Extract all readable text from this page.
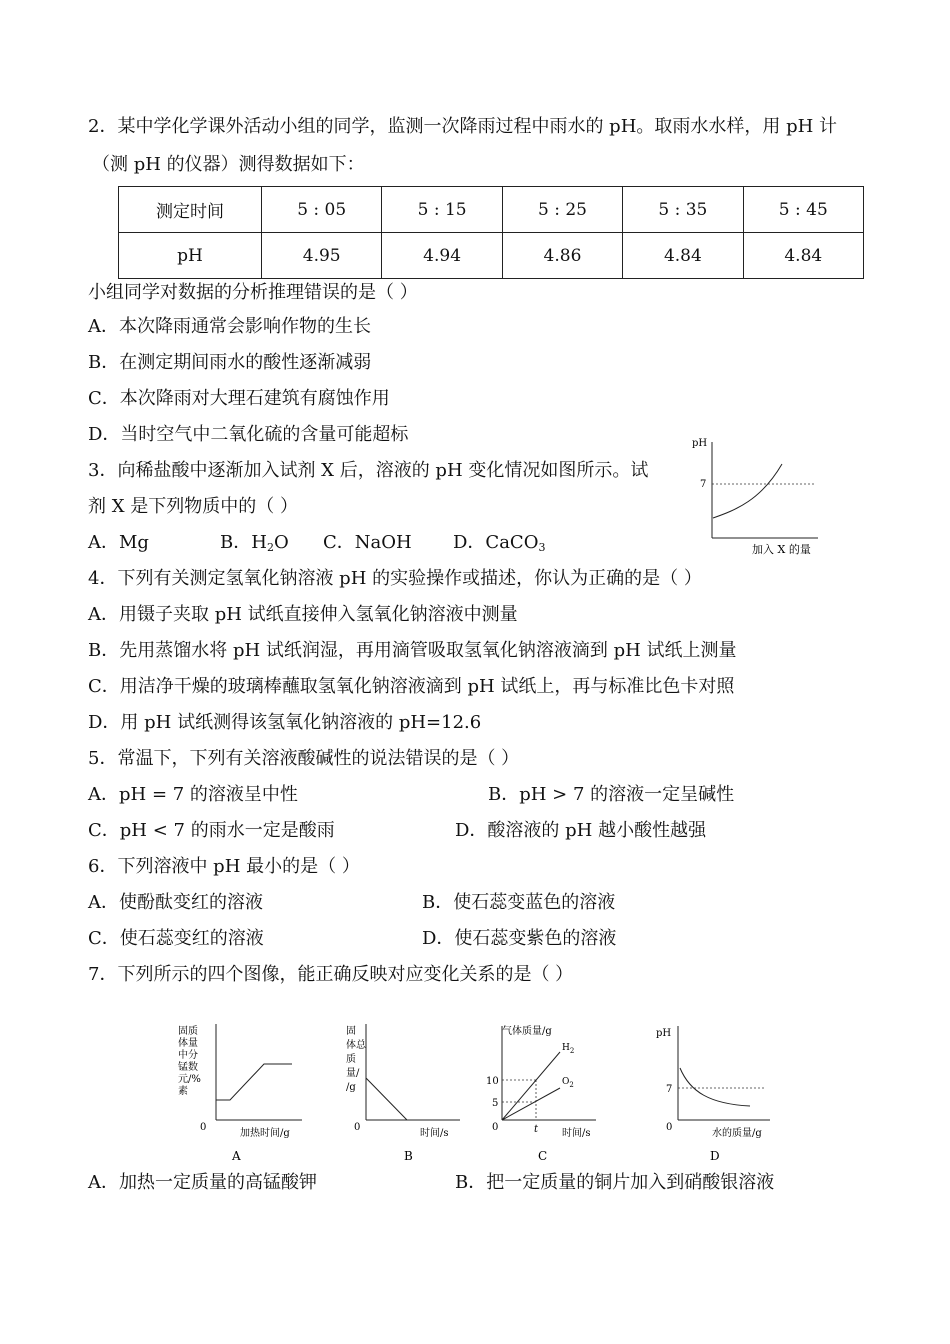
2．某中学化学课外活动小组的同学，监测一次降雨过程中雨水的 pH。取雨水水样，用 pH 计
（测 pH 的仪器）测得数据如下：
测定时间	5 : 05	5 : 15	5 : 25	5 : 35	5 : 45
pH	4.95	4.94	4.86	4.84	4.84
小组同学对数据的分析推理错误的是（ ）
A．本次降雨通常会影响作物的生长
B．在测定期间雨水的酸性逐渐减弱
C．本次降雨对大理石建筑有腐蚀作用
D．当时空气中二氧化硫的含量可能超标
3．向稀盐酸中逐渐加入试剂 X 后，溶液的 pH 变化情况如图所示。试
剂 X 是下列物质中的（ ）
A．Mg	B．$H_2O$ C．NaOH D．CaCO$_3$
pH
7
加入 X 的量
4．下列有关测定氢氧化钠溶液 pH 的实验操作或描述，你认为正确的是（ ）
A．用镊子夹取 pH 试纸直接伸入氢氧化钠溶液中测量
B．先用蒸馏水将 pH 试纸润湿，再用滴管吸取氢氧化钠溶液滴到 pH 试纸上测量
C．用洁净干燥的玻璃棒蘸取氢氧化钠溶液滴到 pH 试纸上，再与标准比色卡对照
D．用 pH 试纸测得该氢氧化钠溶液的 pH=12.6
5．常温下，下列有关溶液酸碱性的说法错误的是（ ）
A．pH = 7 的溶液呈中性	B．pH > 7 的溶液一定呈碱性
C．pH < 7 的雨水一定是酸雨	D．酸溶液的 pH 越小酸性越强
6．下列溶液中 pH 最小的是（ ）
A．使酚酞变红的溶液	B．使石蕊变蓝色的溶液
C．使石蕊变红的溶液	D．使石蕊变紫色的溶液
7．下列所示的四个图像，能正确反映对应变化关系的是（ ）
固质
体量
中分
锰数
元/%
素
0
加热时间/g
A
固
体总
质
量/
/g
0
时间/s
B
气体质量/g
10
5
$H_2$
$O_2$
t
0
时间/s
C
pH
7
0
水的质量/g
D
A．加热一定质量的高锰酸钾	B．把一定质量的铜片加入到硝酸银溶液
